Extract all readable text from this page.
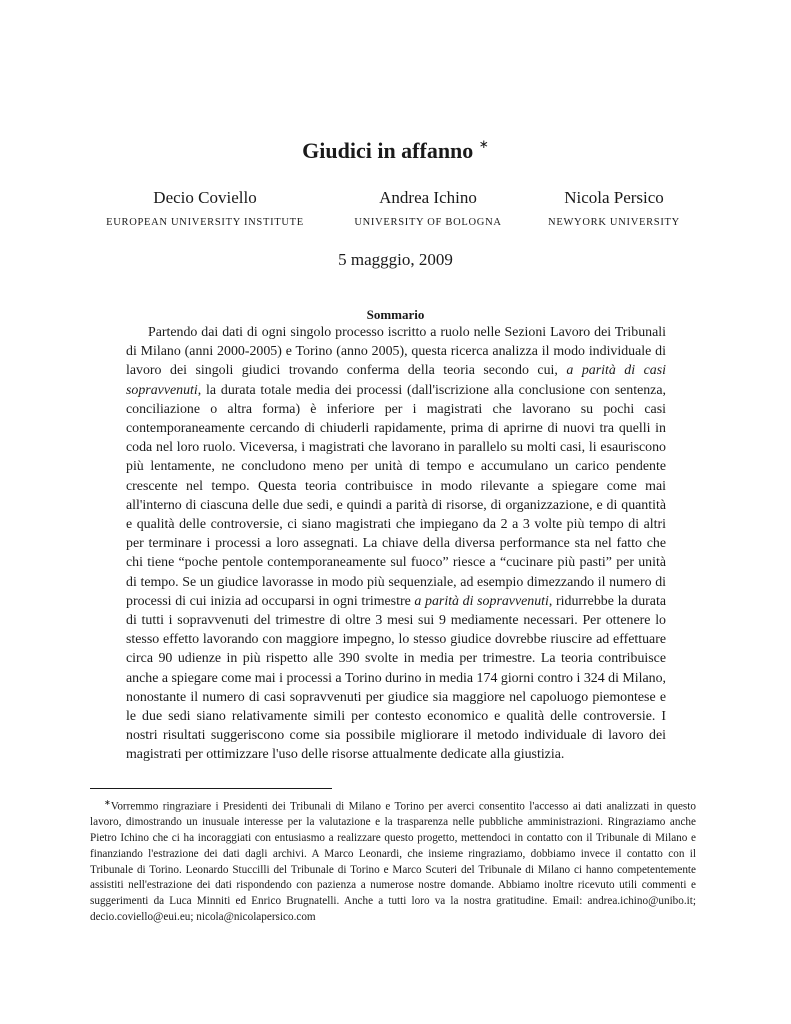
Giudici in affanno ∗

Decio Coviello

EUROPEAN UNIVERSITY INSTITUTE

Andrea Ichino

UNIVERSITY OF BOLOGNA

Nicola Persico

NEWYORK UNIVERSITY

5 magggio, 2009

Sommario

Partendo dai dati di ogni singolo processo iscritto a ruolo nelle Sezioni Lavoro dei Tribunali di Milano (anni 2000-2005) e Torino (anno 2005), questa ricerca analizza il modo individuale di lavoro dei singoli giudici trovando conferma della teoria secondo cui, a parità di casi sopravvenuti, la durata totale media dei processi (dall'iscrizione alla conclusione con sentenza, conciliazione o altra forma) è inferiore per i magistrati che lavorano su pochi casi contemporaneamente cercando di chiuderli rapidamente, prima di aprirne di nuovi tra quelli in coda nel loro ruolo. Viceversa, i magistrati che lavorano in parallelo su molti casi, li esauriscono più lentamente, ne concludono meno per unità di tempo e accumulano un carico pendente crescente nel tempo. Questa teoria contribuisce in modo rilevante a spiegare come mai all'interno di ciascuna delle due sedi, e quindi a parità di risorse, di organizzazione, e di quantità e qualità delle controversie, ci siano magistrati che impiegano da 2 a 3 volte più tempo di altri per terminare i processi a loro assegnati. La chiave della diversa performance sta nel fatto che chi tiene “poche pentole contemporaneamente sul fuoco” riesce a “cucinare più pasti” per unità di tempo. Se un giudice lavorasse in modo più sequenziale, ad esempio dimezzando il numero di processi di cui inizia ad occuparsi in ogni trimestre a parità di sopravvenuti, ridurrebbe la durata di tutti i sopravvenuti del trimestre di oltre 3 mesi sui 9 mediamente necessari. Per ottenere lo stesso effetto lavorando con maggiore impegno, lo stesso giudice dovrebbe riuscire ad effettuare circa 90 udienze in più rispetto alle 390 svolte in media per trimestre. La teoria contribuisce anche a spiegare come mai i processi a Torino durino in media 174 giorni contro i 324 di Milano, nonostante il numero di casi sopravvenuti per giudice sia maggiore nel capoluogo piemontese e le due sedi siano relativamente simili per contesto economico e qualità delle controversie. I nostri risultati suggeriscono come sia possibile migliorare il metodo individuale di lavoro dei magistrati per ottimizzare l'uso delle risorse attualmente dedicate alla giustizia.

∗Vorremmo ringraziare i Presidenti dei Tribunali di Milano e Torino per averci consentito l'accesso ai dati analizzati in questo lavoro, dimostrando un inusuale interesse per la valutazione e la trasparenza nelle pubbliche amministrazioni. Ringraziamo anche Pietro Ichino che ci ha incoraggiati con entusiasmo a realizzare questo progetto, mettendoci in contatto con il Tribunale di Milano e finanziando l'estrazione dei dati dagli archivi. A Marco Leonardi, che insieme ringraziamo, dobbiamo invece il contatto con il Tribunale di Torino. Leonardo Stuccilli del Tribunale di Torino e Marco Scuteri del Tribunale di Milano ci hanno competentemente assistiti nell'estrazione dei dati rispondendo con pazienza a numerose nostre domande. Abbiamo inoltre ricevuto utili commenti e suggerimenti da Luca Minniti ed Enrico Brugnatelli. Anche a tutti loro va la nostra gratitudine. Email: andrea.ichino@unibo.it; decio.coviello@eui.eu; nicola@nicolapersico.com
